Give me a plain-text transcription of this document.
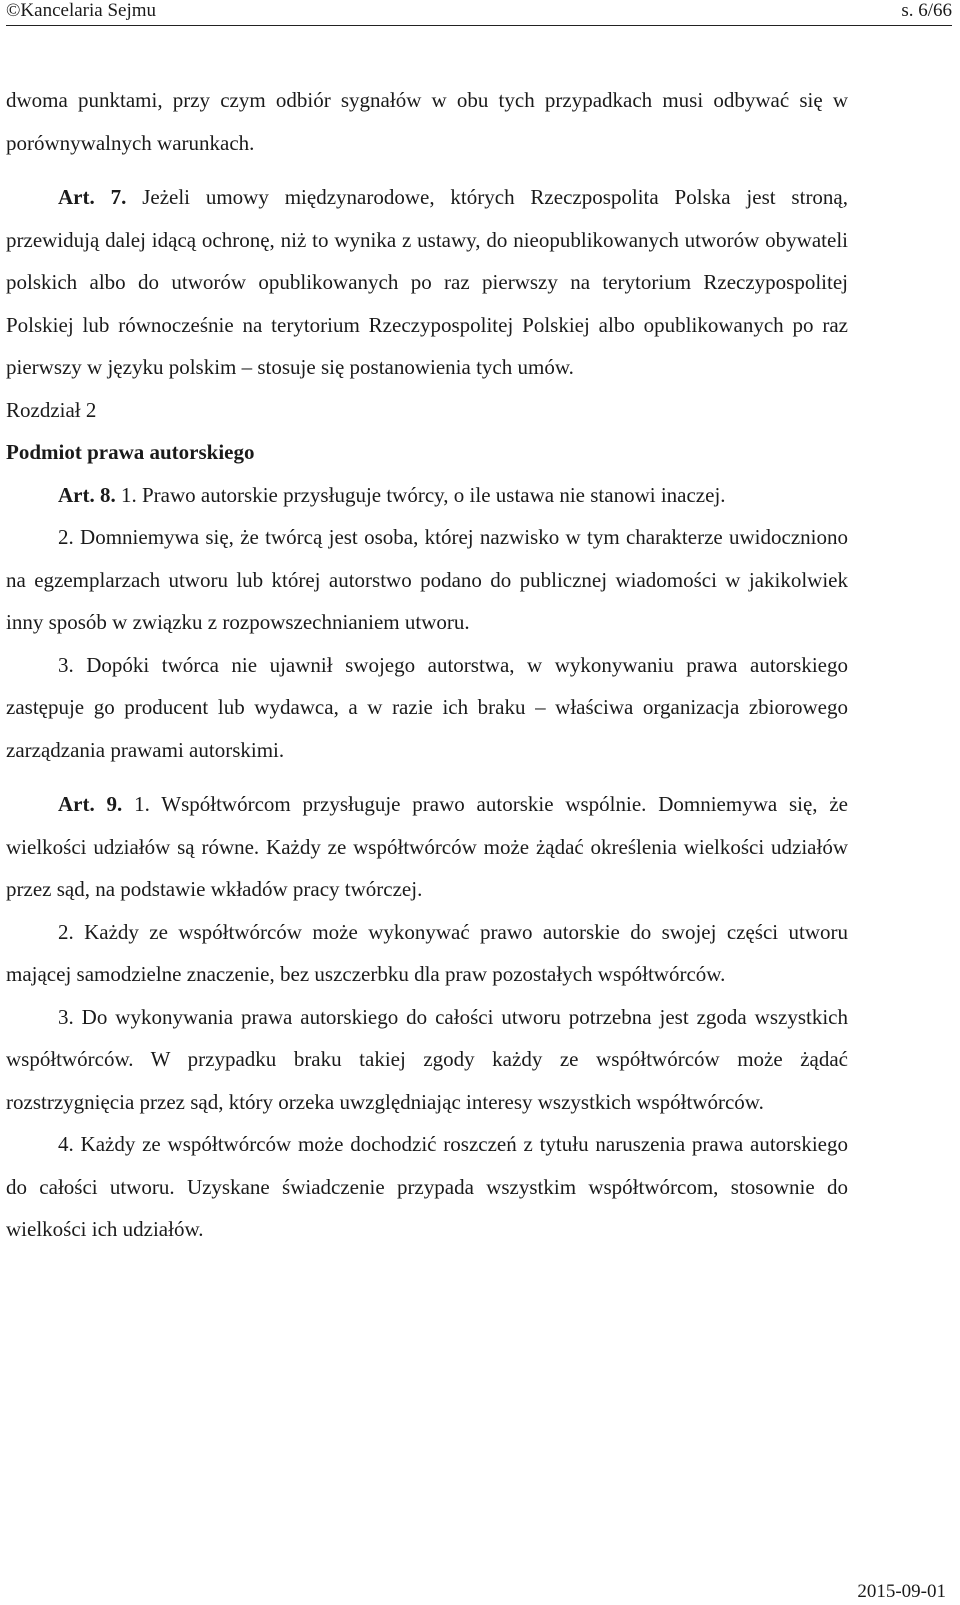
©Kancelaria Sejmu	s. 6/66

dwoma punktami, przy czym odbiór sygnałów w obu tych przypadkach musi odbywać się w porównywalnych warunkach.

Art. 7. Jeżeli umowy międzynarodowe, których Rzeczpospolita Polska jest stroną, przewidują dalej idącą ochronę, niż to wynika z ustawy, do nieopublikowanych utworów obywateli polskich albo do utworów opublikowanych po raz pierwszy na terytorium Rzeczypospolitej Polskiej lub równocześnie na terytorium Rzeczypospolitej Polskiej albo opublikowanych po raz pierwszy w języku polskim – stosuje się postanowienia tych umów.

Rozdział 2

Podmiot prawa autorskiego

Art. 8. 1. Prawo autorskie przysługuje twórcy, o ile ustawa nie stanowi inaczej.

2. Domniemywa się, że twórcą jest osoba, której nazwisko w tym charakterze uwidoczniono na egzemplarzach utworu lub której autorstwo podano do publicznej wiadomości w jakikolwiek inny sposób w związku z rozpowszechnianiem utworu.

3. Dopóki twórca nie ujawnił swojego autorstwa, w wykonywaniu prawa autorskiego zastępuje go producent lub wydawca, a w razie ich braku – właściwa organizacja zbiorowego zarządzania prawami autorskimi.

Art. 9. 1. Współtwórcom przysługuje prawo autorskie wspólnie. Domniemywa się, że wielkości udziałów są równe. Każdy ze współtwórców może żądać określenia wielkości udziałów przez sąd, na podstawie wkładów pracy twórczej.

2. Każdy ze współtwórców może wykonywać prawo autorskie do swojej części utworu mającej samodzielne znaczenie, bez uszczerbku dla praw pozostałych współtwórców.

3. Do wykonywania prawa autorskiego do całości utworu potrzebna jest zgoda wszystkich współtwórców. W przypadku braku takiej zgody każdy ze współtwórców może żądać rozstrzygnięcia przez sąd, który orzeka uwzględniając interesy wszystkich współtwórców.

4. Każdy ze współtwórców może dochodzić roszczeń z tytułu naruszenia prawa autorskiego do całości utworu. Uzyskane świadczenie przypada wszystkim współtwórcom, stosownie do wielkości ich udziałów.

2015-09-01
